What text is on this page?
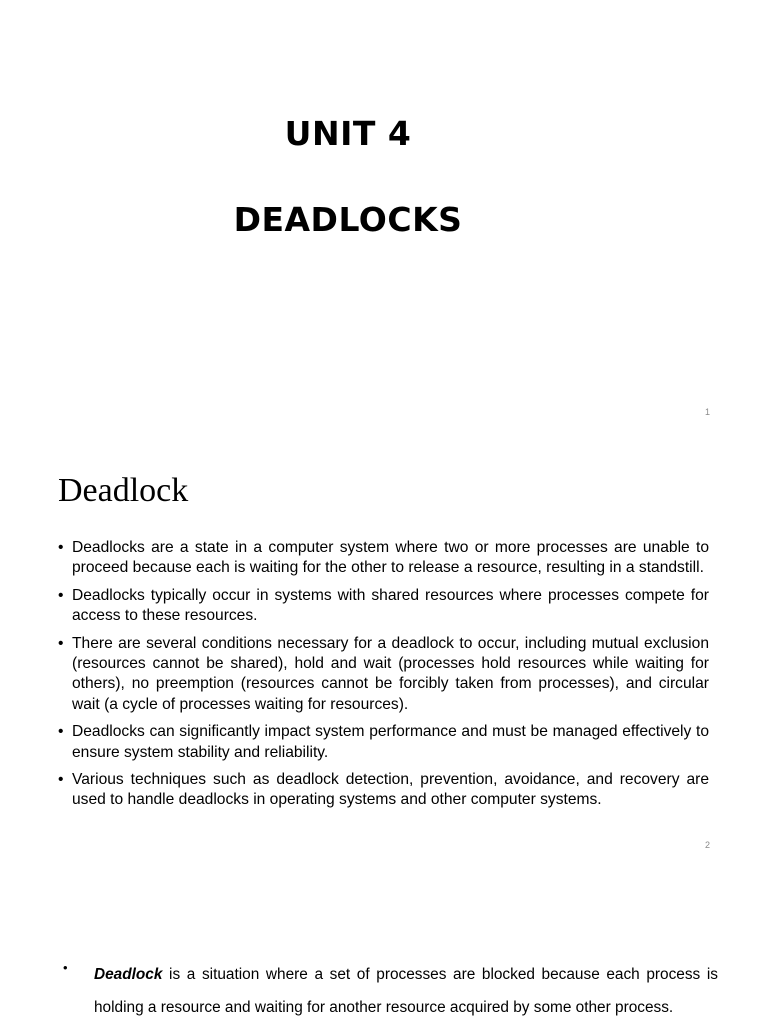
UNIT 4
DEADLOCKS
1
Deadlock
• Deadlocks are a state in a computer system where two or more processes are unable to proceed because each is waiting for the other to release a resource, resulting in a standstill.
• Deadlocks typically occur in systems with shared resources where processes compete for access to these resources.
• There are several conditions necessary for a deadlock to occur, including mutual exclusion (resources cannot be shared), hold and wait (processes hold resources while waiting for others), no preemption (resources cannot be forcibly taken from processes), and circular wait (a cycle of processes waiting for resources).
• Deadlocks can significantly impact system performance and must be managed effectively to ensure system stability and reliability.
• Various techniques such as deadlock detection, prevention, avoidance, and recovery are used to handle deadlocks in operating systems and other computer systems.
2
• Deadlock is a situation where a set of processes are blocked because each process is holding a resource and waiting for another resource acquired by some other process.
